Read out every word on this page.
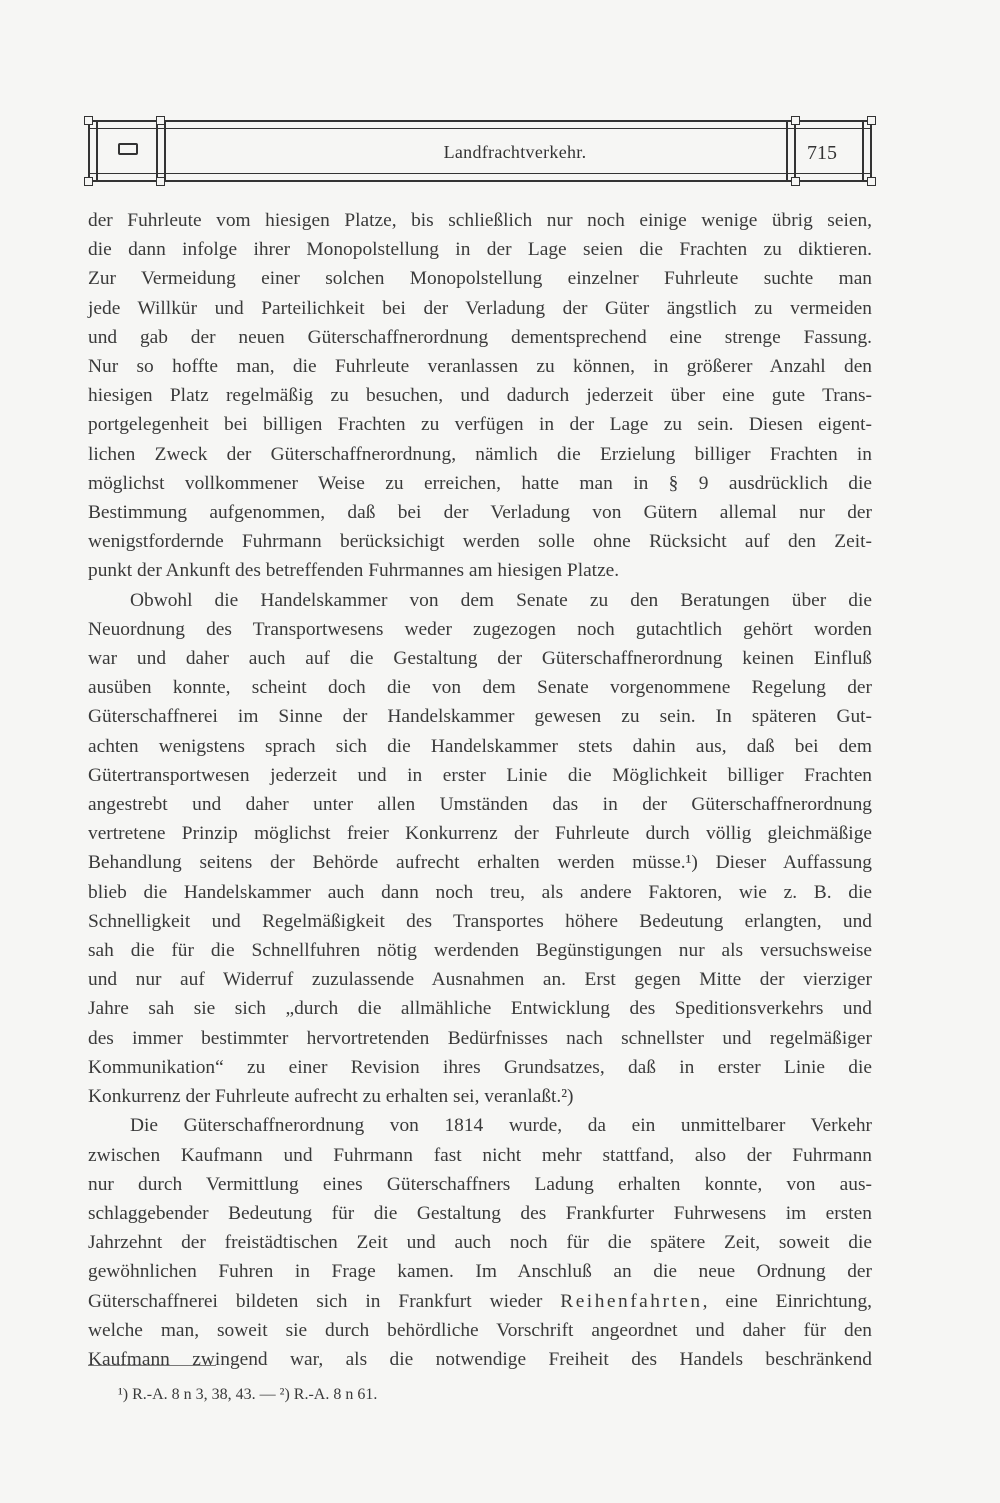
Landfrachtverkehr.	715
der Fuhrleute vom hiesigen Platze, bis schließlich nur noch einige wenige übrig seien,
die dann infolge ihrer Monopolstellung in der Lage seien die Frachten zu diktieren.
Zur Vermeidung einer solchen Monopolstellung einzelner Fuhrleute suchte man
jede Willkür und Parteilichkeit bei der Verladung der Güter ängstlich zu vermeiden
und gab der neuen Güterschaffnerordnung dementsprechend eine strenge Fassung.
Nur so hoffte man, die Fuhrleute veranlassen zu können, in größerer Anzahl den
hiesigen Platz regelmäßig zu besuchen, und dadurch jederzeit über eine gute Trans-
portgelegenheit bei billigen Frachten zu verfügen in der Lage zu sein. Diesen eigent-
lichen Zweck der Güterschaffnerordnung, nämlich die Erzielung billiger Frachten in
möglichst vollkommener Weise zu erreichen, hatte man in § 9 ausdrücklich die
Bestimmung aufgenommen, daß bei der Verladung von Gütern allemal nur der
wenigstfordernde Fuhrmann berücksichigt werden solle ohne Rücksicht auf den Zeit-
punkt der Ankunft des betreffenden Fuhrmannes am hiesigen Platze.
Obwohl die Handelskammer von dem Senate zu den Beratungen über die
Neuordnung des Transportwesens weder zugezogen noch gutachtlich gehört worden
war und daher auch auf die Gestaltung der Güterschaffnerordnung keinen Einfluß
ausüben konnte, scheint doch die von dem Senate vorgenommene Regelung der
Güterschaffnerei im Sinne der Handelskammer gewesen zu sein. In späteren Gut-
achten wenigstens sprach sich die Handelskammer stets dahin aus, daß bei dem
Gütertransportwesen jederzeit und in erster Linie die Möglichkeit billiger Frachten
angestrebt und daher unter allen Umständen das in der Güterschaffnerordnung
vertretene Prinzip möglichst freier Konkurrenz der Fuhrleute durch völlig gleichmäßige
Behandlung seitens der Behörde aufrecht erhalten werden müsse.¹) Dieser Auffassung
blieb die Handelskammer auch dann noch treu, als andere Faktoren, wie z. B. die
Schnelligkeit und Regelmäßigkeit des Transportes höhere Bedeutung erlangten, und
sah die für die Schnellfuhren nötig werdenden Begünstigungen nur als versuchsweise
und nur auf Widerruf zuzulassende Ausnahmen an. Erst gegen Mitte der vierziger
Jahre sah sie sich „durch die allmähliche Entwicklung des Speditionsverkehrs und
des immer bestimmter hervortretenden Bedürfnisses nach schnellster und regelmäßiger
Kommunikation“ zu einer Revision ihres Grundsatzes, daß in erster Linie die
Konkurrenz der Fuhrleute aufrecht zu erhalten sei, veranlaßt.²)
Die Güterschaffnerordnung von 1814 wurde, da ein unmittelbarer Verkehr
zwischen Kaufmann und Fuhrmann fast nicht mehr stattfand, also der Fuhrmann
nur durch Vermittlung eines Güterschaffners Ladung erhalten konnte, von aus-
schlaggebender Bedeutung für die Gestaltung des Frankfurter Fuhrwesens im ersten
Jahrzehnt der freistädtischen Zeit und auch noch für die spätere Zeit, soweit die
gewöhnlichen Fuhren in Frage kamen. Im Anschluß an die neue Ordnung der
Güterschaffnerei bildeten sich in Frankfurt wieder Reihenfahrten, eine Einrichtung,
welche man, soweit sie durch behördliche Vorschrift angeordnet und daher für den
Kaufmann zwingend war, als die notwendige Freiheit des Handels beschränkend
¹) R.-A. 8 n 3, 38, 43. — ²) R.-A. 8 n 61.
